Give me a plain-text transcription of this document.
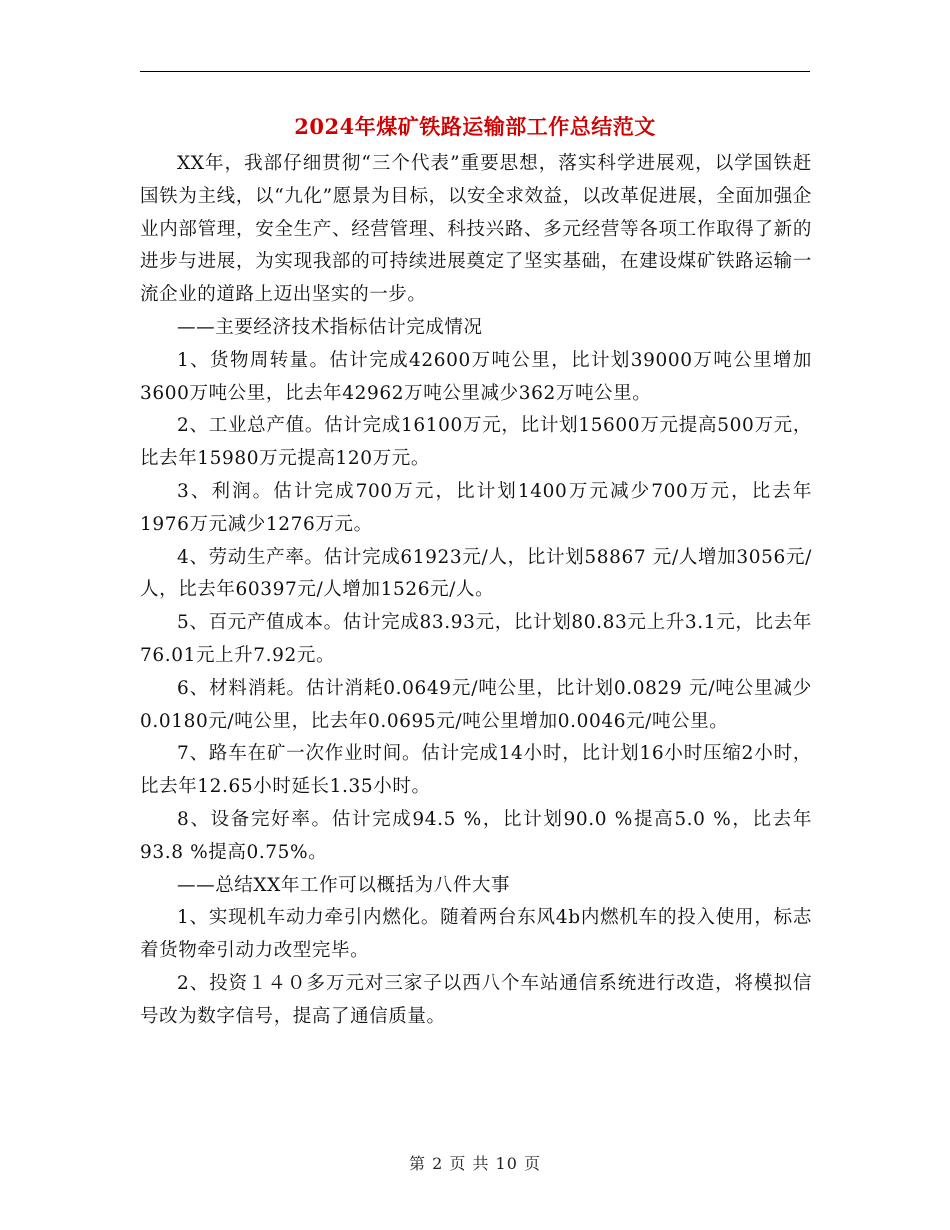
2024年煤矿铁路运输部工作总结范文

XX年，我部仔细贯彻“三个代表”重要思想，落实科学进展观，以学国铁赶国铁为主线，以“九化”愿景为目标，以安全求效益，以改革促进展，全面加强企业内部管理，安全生产、经营管理、科技兴路、多元经营等各项工作取得了新的进步与进展，为实现我部的可持续进展奠定了坚实基础，在建设煤矿铁路运输一流企业的道路上迈出坚实的一步。

——主要经济技术指标估计完成情况

1、货物周转量。估计完成42600万吨公里，比计划39000万吨公里增加3600万吨公里，比去年42962万吨公里减少362万吨公里。

2、工业总产值。估计完成16100万元，比计划15600万元提高500万元，比去年15980万元提高120万元。

3、利润。估计完成700万元，比计划1400万元减少700万元，比去年1976万元减少1276万元。

4、劳动生产率。估计完成61923元/人，比计划58867 元/人增加3056元/人，比去年60397元/人增加1526元/人。

5、百元产值成本。估计完成83.93元，比计划80.83元上升3.1元，比去年76.01元上升7.92元。

6、材料消耗。估计消耗0.0649元/吨公里，比计划0.0829 元/吨公里减少0.0180元/吨公里，比去年0.0695元/吨公里增加0.0046元/吨公里。

7、路车在矿一次作业时间。估计完成14小时，比计划16小时压缩2小时，比去年12.65小时延长1.35小时。

8、设备完好率。估计完成94.5 %，比计划90.0 %提高5.0 %，比去年93.8 %提高0.75%。

——总结XX年工作可以概括为八件大事

1、实现机车动力牵引内燃化。随着两台东风4b内燃机车的投入使用，标志着货物牵引动力改型完毕。

2、投资１４０多万元对三家子以西八个车站通信系统进行改造，将模拟信号改为数字信号，提高了通信质量。

第 2 页 共 10 页
